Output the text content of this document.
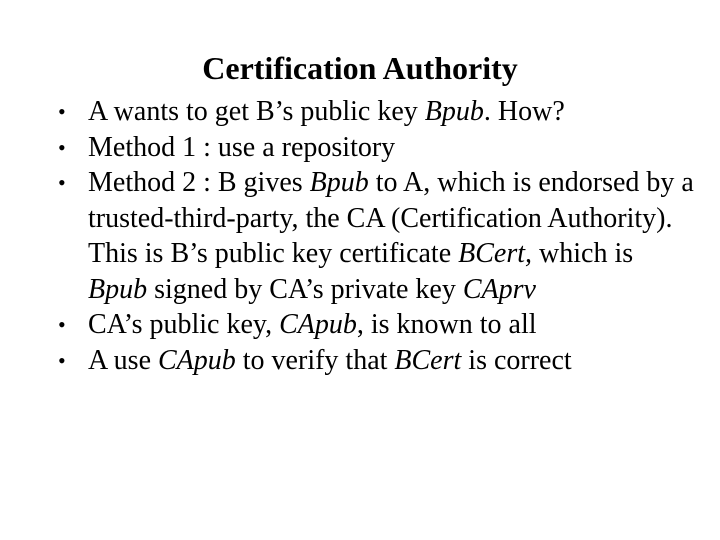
Certification Authority
• A wants to get B’s public key Bpub. How?
• Method 1 : use a repository
• Method 2 : B gives Bpub to A, which is endorsed by a trusted-third-party, the CA (Certification Authority). This is B’s public key certificate BCert, which is Bpub signed by CA’s private key CAprv
• CA’s public key, CApub, is known to all
• A use CApub to verify that BCert is correct
